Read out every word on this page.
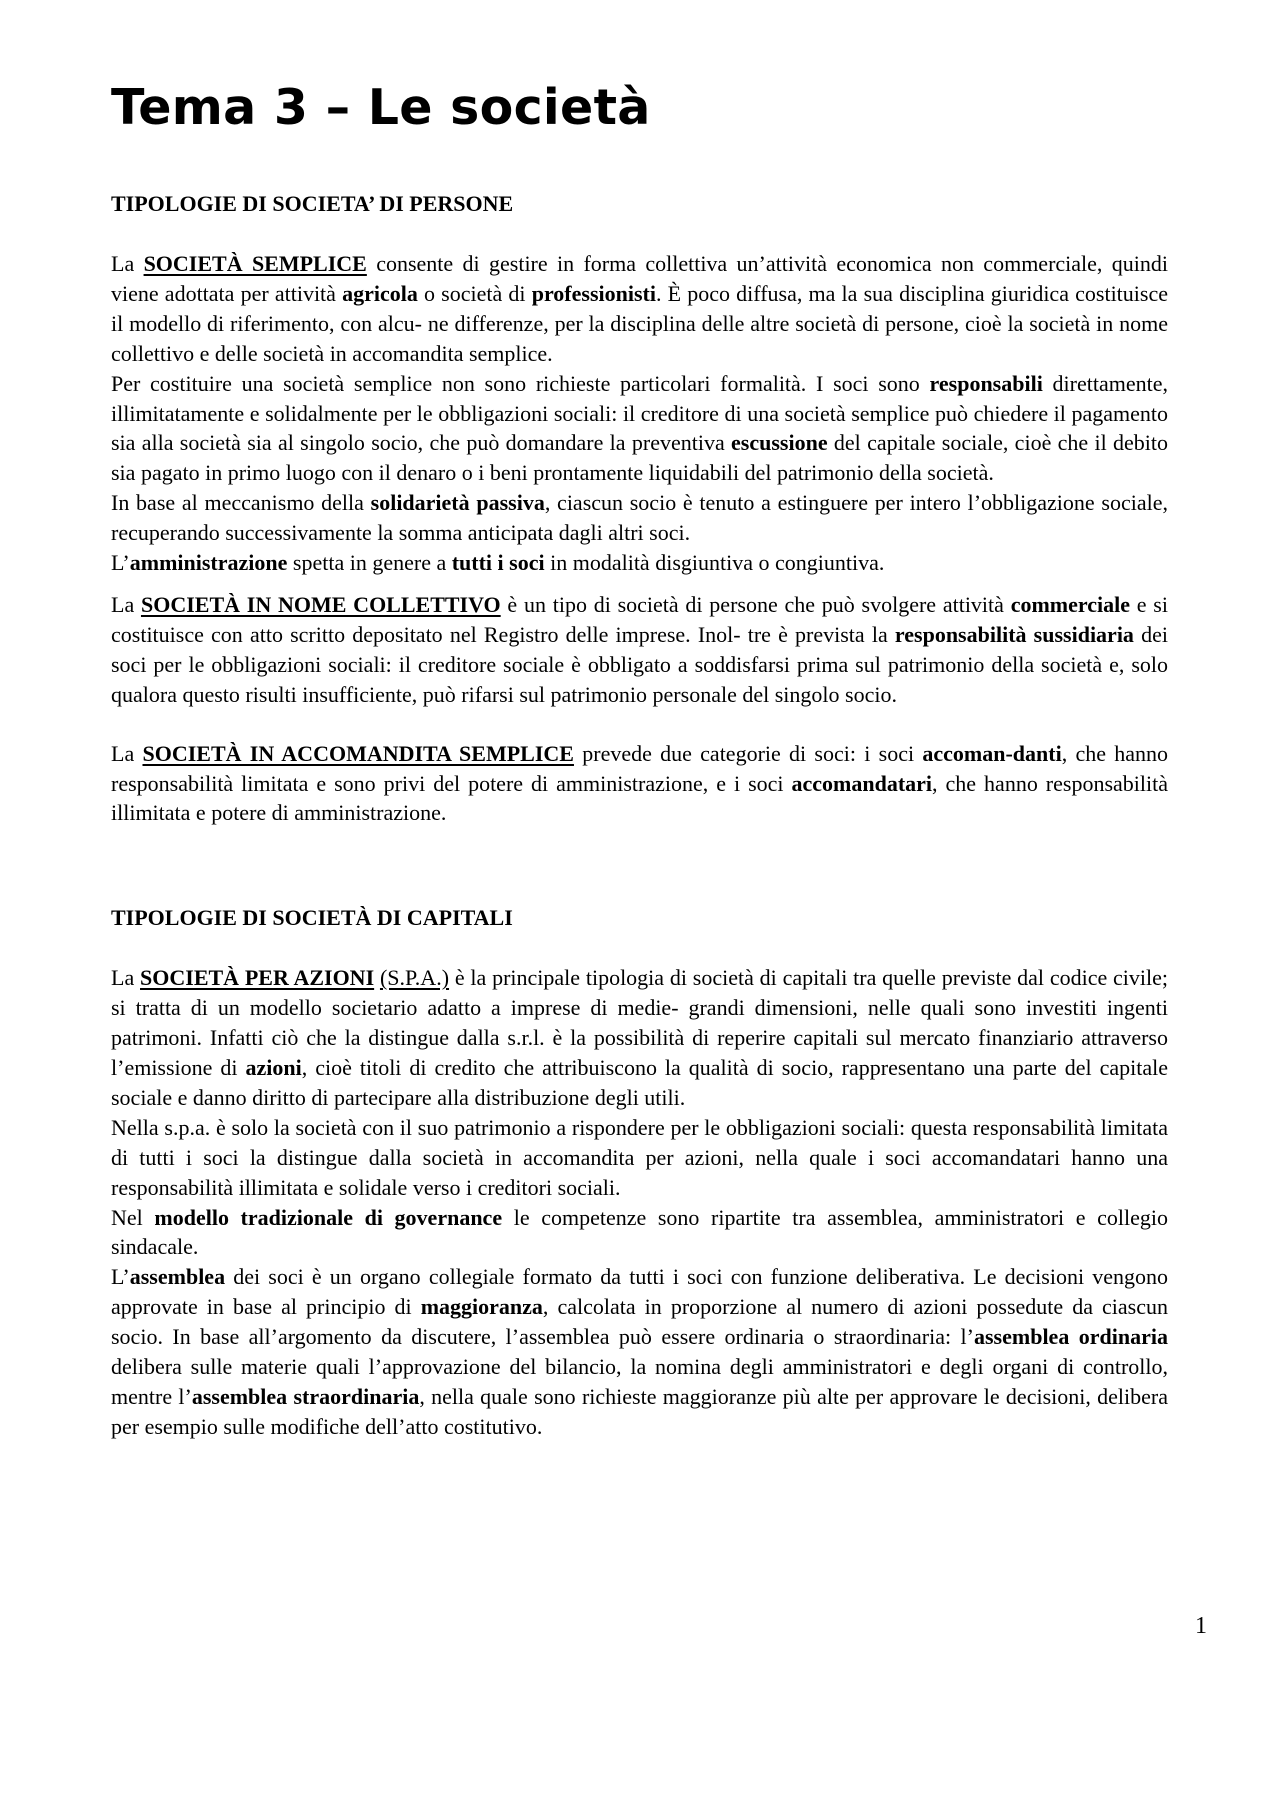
Tema 3 – Le società
TIPOLOGIE DI SOCIETA’ DI PERSONE

La SOCIETÀ SEMPLICE consente di gestire in forma collettiva un’attività economica non commerciale, quindi viene adottata per attività agricola o società di professionisti. È poco diffusa, ma la sua disciplina giuridica costituisce il modello di riferimento, con alcu- ne differenze, per la disciplina delle altre società di persone, cioè la società in nome collettivo e delle società in accomandita semplice.

Per costituire una società semplice non sono richieste particolari formalità. I soci sono responsabili direttamente, illimitatamente e solidalmente per le obbligazioni sociali: il creditore di una società semplice può chiedere il pagamento sia alla società sia al singolo socio, che può domandare la preventiva escussione del capitale sociale, cioè che il debito sia pagato in primo luogo con il denaro o i beni prontamente liquidabili del patrimonio della società.

In base al meccanismo della solidarietà passiva, ciascun socio è tenuto a estinguere per intero l’obbligazione sociale, recuperando successivamente la somma anticipata dagli altri soci.

L’amministrazione spetta in genere a tutti i soci in modalità disgiuntiva o congiuntiva.

La SOCIETÀ IN NOME COLLETTIVO è un tipo di società di persone che può svolgere attività commerciale e si costituisce con atto scritto depositato nel Registro delle imprese. Inol- tre è prevista la responsabilità sussidiaria dei soci per le obbligazioni sociali: il creditore sociale è obbligato a soddisfarsi prima sul patrimonio della società e, solo qualora questo risulti insufficiente, può rifarsi sul patrimonio personale del singolo socio.

La SOCIETÀ IN ACCOMANDITA SEMPLICE prevede due categorie di soci: i soci accoman-danti, che hanno responsabilità limitata e sono privi del potere di amministrazione, e i soci accomandatari, che hanno responsabilità illimitata e potere di amministrazione.

TIPOLOGIE DI SOCIETÀ DI CAPITALI

La SOCIETÀ PER AZIONI (S.P.A.) è la principale tipologia di società di capitali tra quelle previste dal codice civile; si tratta di un modello societario adatto a imprese di medie- grandi dimensioni, nelle quali sono investiti ingenti patrimoni. Infatti ciò che la distingue dalla s.r.l. è la possibilità di reperire capitali sul mercato finanziario attraverso l’emissione di azioni, cioè titoli di credito che attribuiscono la qualità di socio, rappresentano una parte del capitale sociale e danno diritto di partecipare alla distribuzione degli utili.

Nella s.p.a. è solo la società con il suo patrimonio a rispondere per le obbligazioni sociali: questa responsabilità limitata di tutti i soci la distingue dalla società in accomandita per azioni, nella quale i soci accomandatari hanno una responsabilità illimitata e solidale verso i creditori sociali.

Nel modello tradizionale di governance le competenze sono ripartite tra assemblea, amministratori e collegio sindacale.

L’assemblea dei soci è un organo collegiale formato da tutti i soci con funzione deliberativa. Le decisioni vengono approvate in base al principio di maggioranza, calcolata in proporzione al numero di azioni possedute da ciascun socio. In base all’argomento da discutere, l’assemblea può essere ordinaria o straordinaria: l’assemblea ordinaria delibera sulle materie quali l’approvazione del bilancio, la nomina degli amministratori e degli organi di controllo, mentre l’assemblea straordinaria, nella quale sono richieste maggioranze più alte per approvare le decisioni, delibera per esempio sulle modifiche dell’atto costitutivo.

1
